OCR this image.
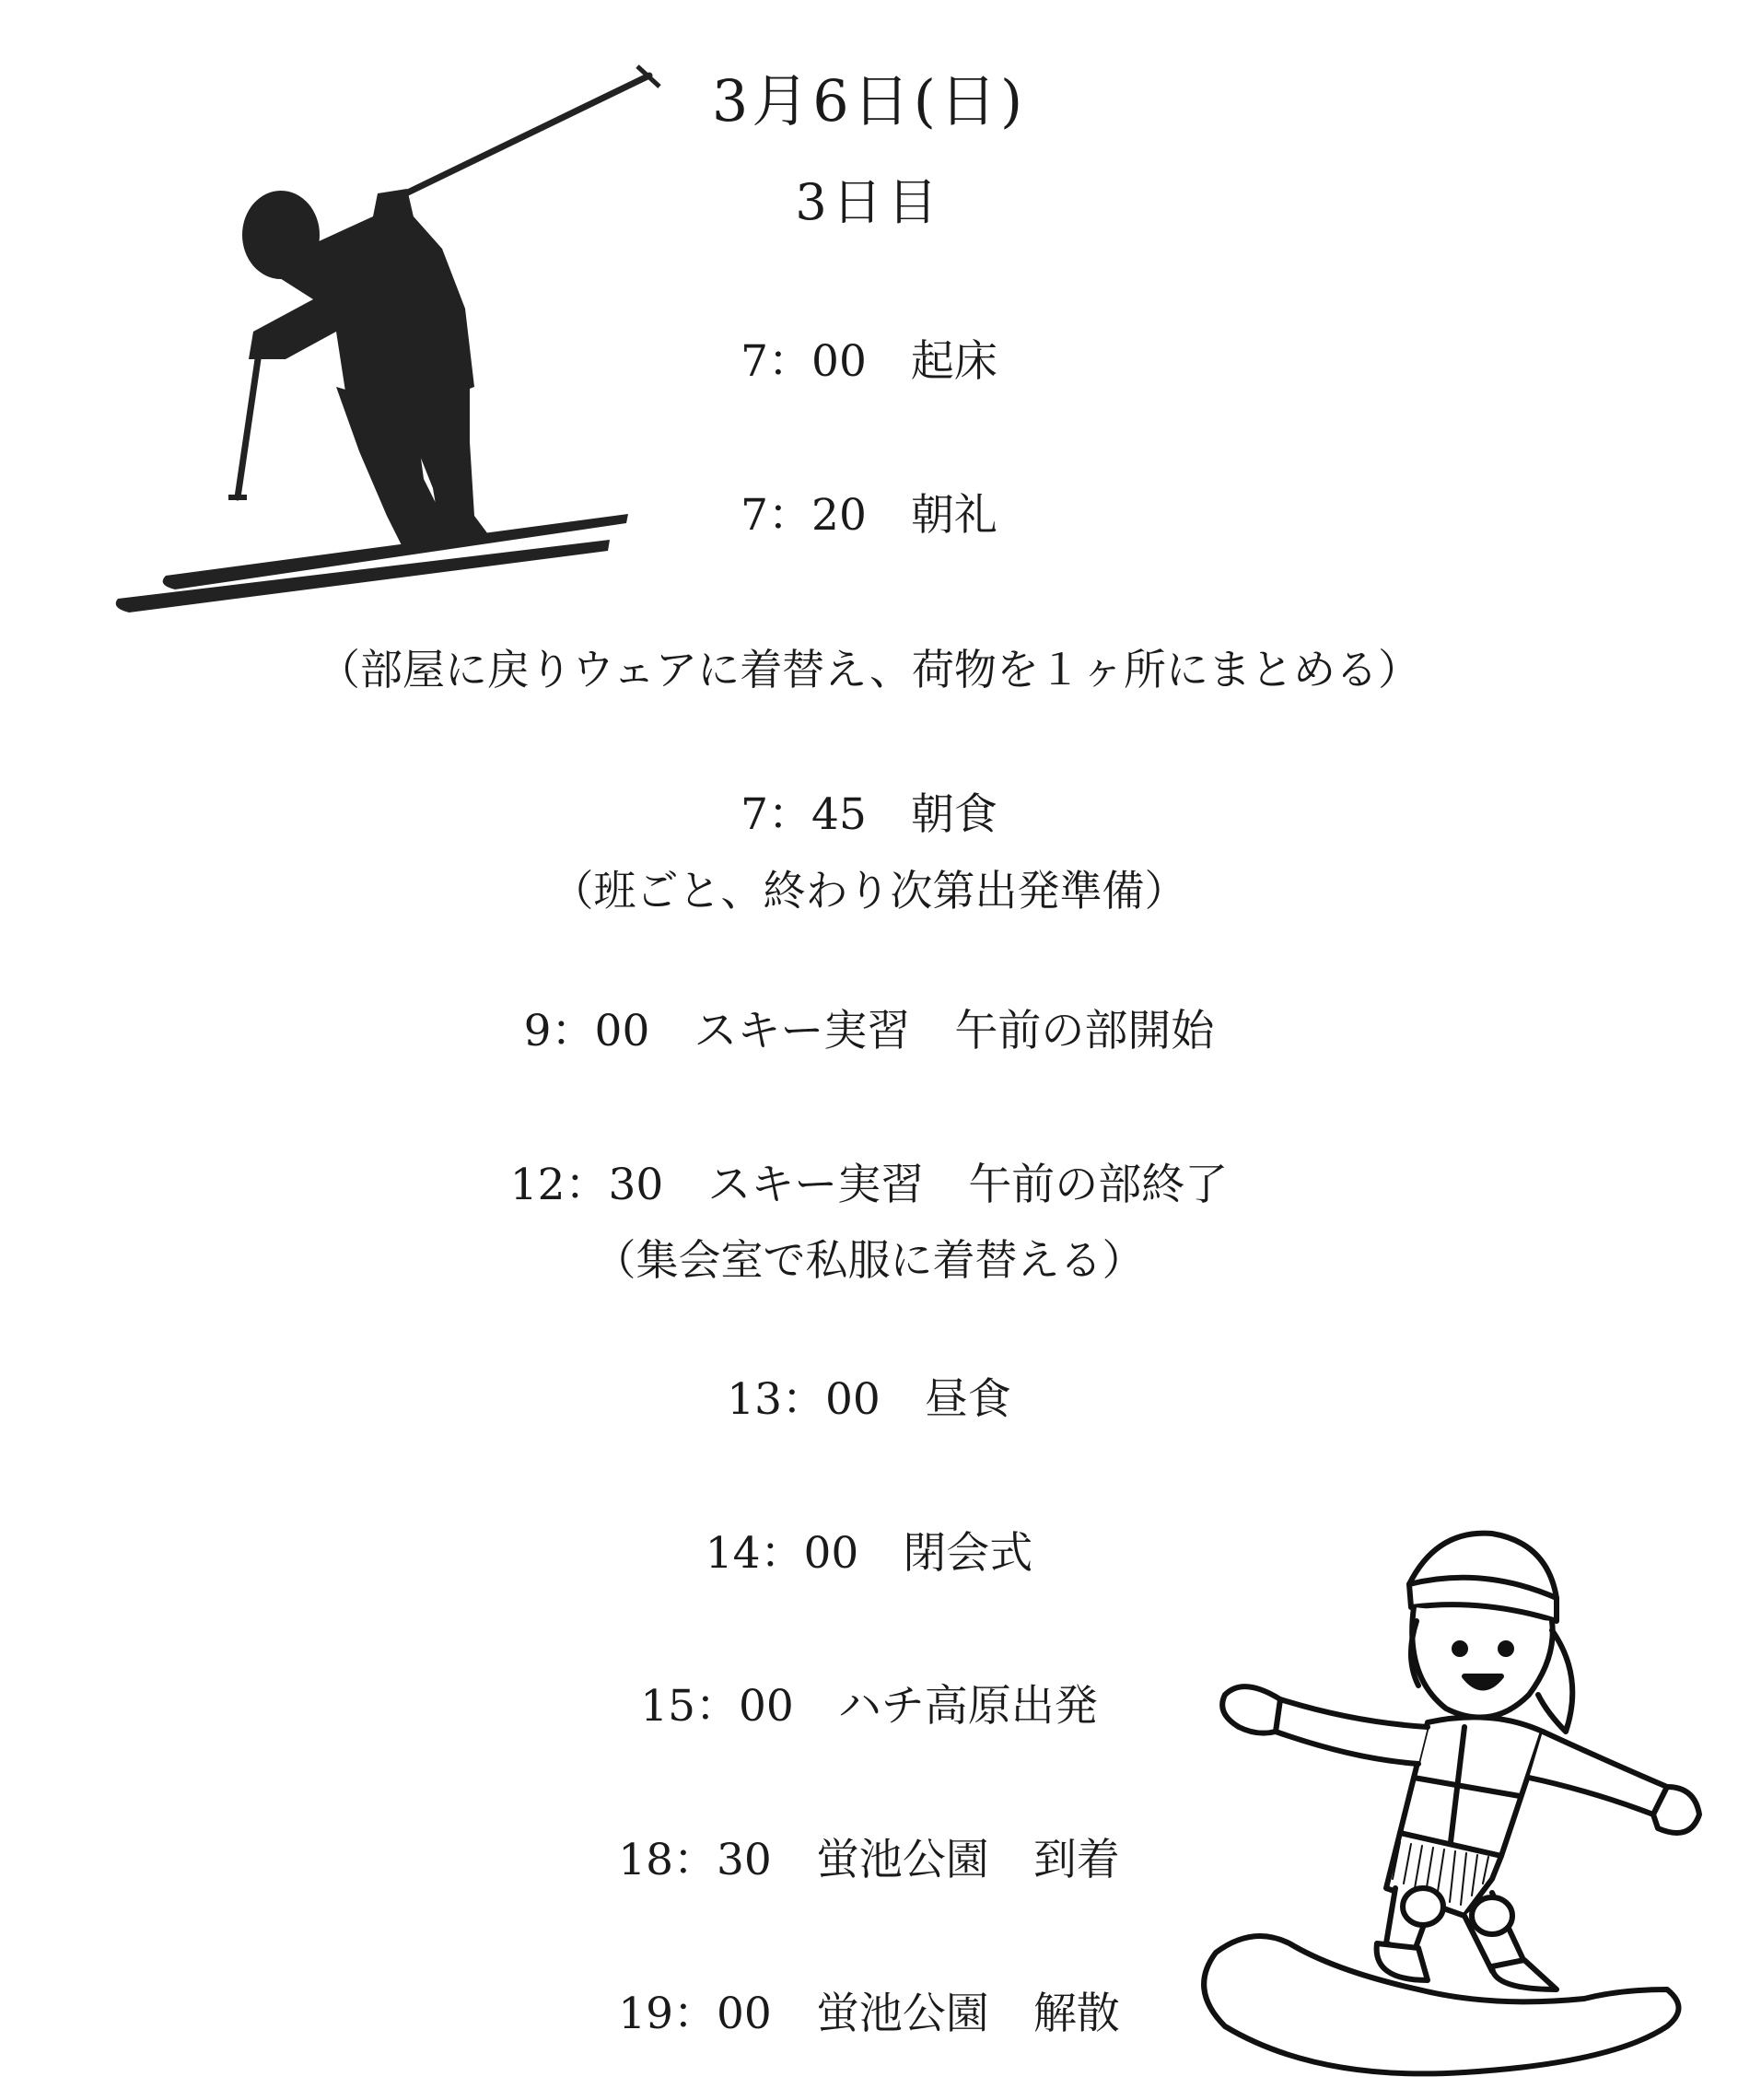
3月6日(日)
3日目
7：00 起床
7：20 朝礼
（部屋に戻りウェアに着替え、荷物を１ヶ所にまとめる）
7：45 朝食
（班ごと、終わり次第出発準備）
9：00 スキー実習 午前の部開始
12：30 スキー実習 午前の部終了
（集会室で私服に着替える）
13：00 昼食
14：00 閉会式
15：00 ハチ高原出発
18：30 蛍池公園 到着
19：00 蛍池公園 解散
